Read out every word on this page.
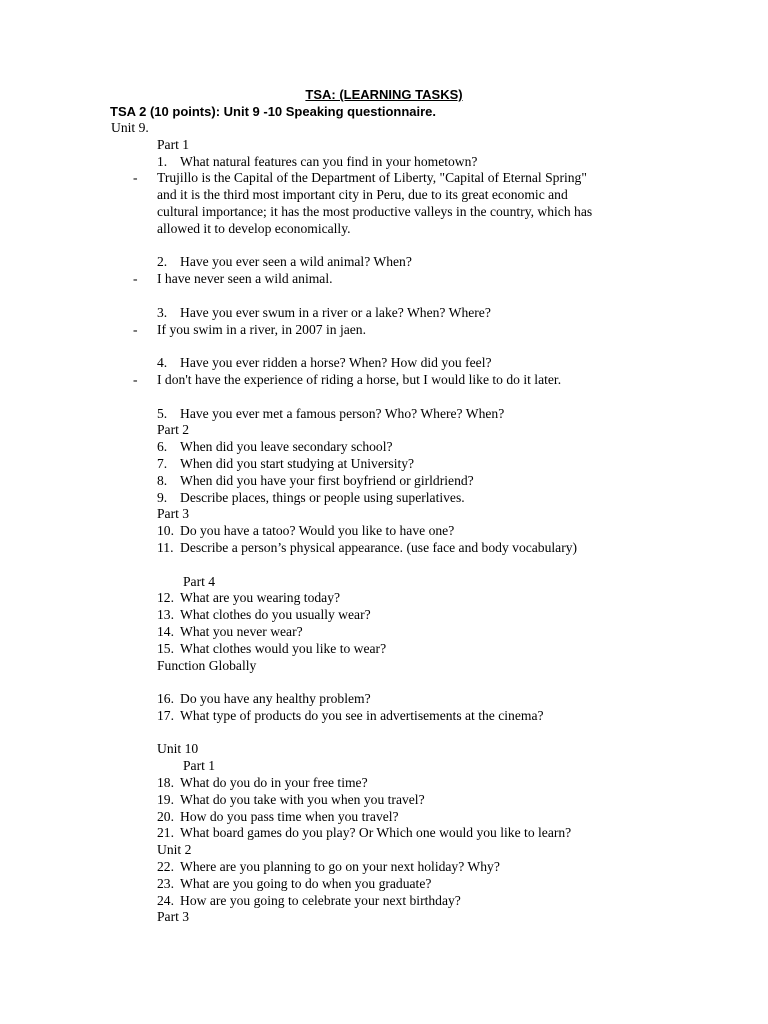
TSA: (LEARNING TASKS)
TSA 2 (10 points): Unit 9 -10 Speaking questionnaire.
Unit 9.
Part 1
1. What natural features can you find in your hometown?
- Trujillo is the Capital of the Department of Liberty, "Capital of Eternal Spring"
and it is the third most important city in Peru, due to its great economic and
cultural importance; it has the most productive valleys in the country, which has
allowed it to develop economically.
2. Have you ever seen a wild animal? When?
- I have never seen a wild animal.
3. Have you ever swum in a river or a lake? When? Where?
- If you swim in a river, in 2007 in jaen.
4. Have you ever ridden a horse? When? How did you feel?
- I don't have the experience of riding a horse, but I would like to do it later.
5. Have you ever met a famous person? Who? Where? When?
Part 2
6. When did you leave secondary school?
7. When did you start studying at University?
8. When did you have your first boyfriend or girldriend?
9. Describe places, things or people using superlatives.
Part 3
10. Do you have a tatoo? Would you like to have one?
11. Describe a person’s physical appearance. (use face and body vocabulary)
Part 4
12. What are you wearing today?
13. What clothes do you usually wear?
14. What you never wear?
15. What clothes would you like to wear?
Function Globally
16. Do you have any healthy problem?
17. What type of products do you see in advertisements at the cinema?
Unit 10
Part 1
18. What do you do in your free time?
19. What do you take with you when you travel?
20. How do you pass time when you travel?
21. What board games do you play? Or Which one would you like to learn?
Unit 2
22. Where are you planning to go on your next holiday? Why?
23. What are you going to do when you graduate?
24. How are you going to celebrate your next birthday?
Part 3
